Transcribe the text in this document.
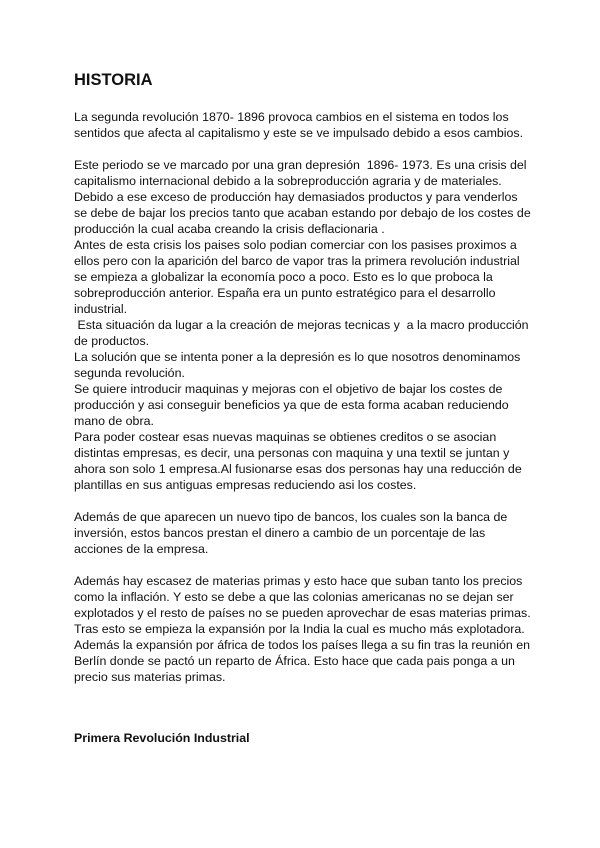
HISTORIA

La segunda revolución 1870- 1896 provoca cambios en el sistema en todos los sentidos que afecta al capitalismo y este se ve impulsado debido a esos cambios.

Este periodo se ve marcado por una gran depresión  1896- 1973. Es una crisis del capitalismo internacional debido a la sobreproducción agraria y de materiales. Debido a ese exceso de producción hay demasiados productos y para venderlos se debe de bajar los precios tanto que acaban estando por debajo de los costes de producción la cual acaba creando la crisis deflacionaria .

Antes de esta crisis los paises solo podian comerciar con los pasises proximos a ellos pero con la aparición del barco de vapor tras la primera revolución industrial se empieza a globalizar la economía poco a poco. Esto es lo que proboca la sobreproducción anterior. España era un punto estratégico para el desarrollo industrial.

Esta situación da lugar a la creación de mejoras tecnicas y  a la macro producción de productos.

La solución que se intenta poner a la depresión es lo que nosotros denominamos segunda revolución.

Se quiere introducir maquinas y mejoras con el objetivo de bajar los costes de producción y asi conseguir beneficios ya que de esta forma acaban reduciendo mano de obra.

Para poder costear esas nuevas maquinas se obtienes creditos o se asocian distintas empresas, es decir, una personas con maquina y una textil se juntan y ahora son solo 1 empresa.Al fusionarse esas dos personas hay una reducción de plantillas en sus antiguas empresas reduciendo asi los costes.

Además de que aparecen un nuevo tipo de bancos, los cuales son la banca de inversión, estos bancos prestan el dinero a cambio de un porcentaje de las acciones de la empresa.

Además hay escasez de materias primas y esto hace que suban tanto los precios como la inflación. Y esto se debe a que las colonias americanas no se dejan ser explotados y el resto de países no se pueden aprovechar de esas materias primas.

Tras esto se empieza la expansión por la India la cual es mucho más explotadora.

Además la expansión por áfrica de todos los países llega a su fin tras la reunión en Berlín donde se pactó un reparto de África. Esto hace que cada pais ponga a un precio sus materias primas.

Primera Revolución Industrial
